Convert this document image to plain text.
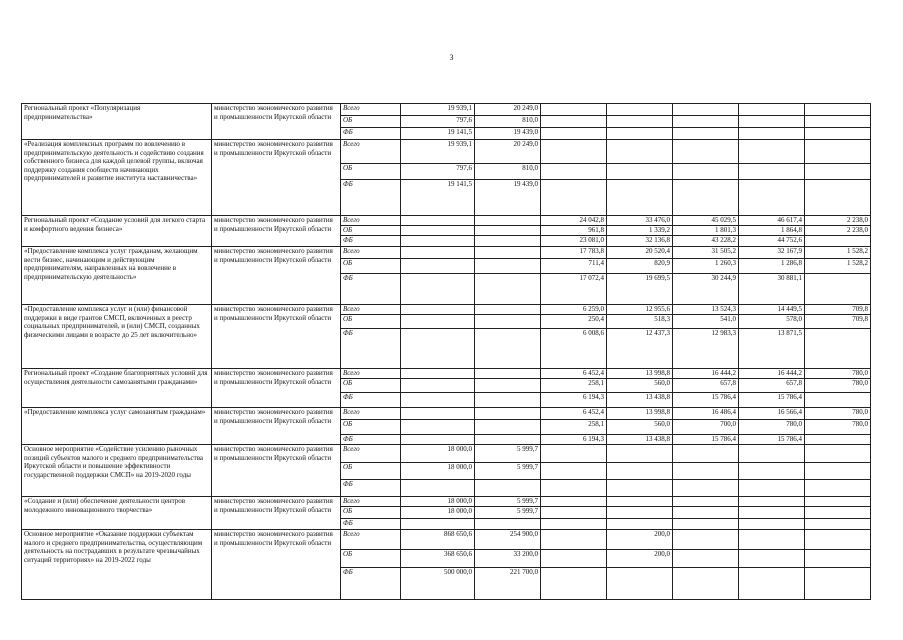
3
Региональный проект «Популяризация предпринимательства»	министерство экономического развития и промышленности Иркутской области	Всего	19 939,1	20 249,0					
		ОБ	797,6	810,0					
		ФБ	19 141,5	19 439,0					
«Реализация комплексных программ по вовлечению в предпринимательскую деятельность и содействию создания собственного бизнеса для каждой целевой группы, включая поддержку создания сообществ начинающих предпринимателей и развитие института наставничества»	министерство экономического развития и промышленности Иркутской области	Всего	19 939,1	20 249,0					
		ОБ	797,6	810,0					
		ФБ	19 141,5	19 439,0					
Региональный проект «Создание условий для легкого старта и комфортного ведения бизнеса»	министерство экономического развития и промышленности Иркутской области	Всего			24 042,8	33 476,0	45 029,5	46 617,4	2 238,0
		ОБ			961,8	1 339,2	1 801,3	1 864,8	2 238,0
		ФБ			23 081,0	32 136,8	43 228,2	44 752,6	
«Предоставление комплекса услуг гражданам, желающим вести бизнес, начинающим и действующим предпринимателям, направленных на вовлечение в предпринимательскую деятельность»	министерство экономического развития и промышленности Иркутской области	Всего			17 783,8	20 520,4	31 505,2	32 167,9	1 528,2
		ОБ			711,4	820,9	1 260,3	1 286,8	1 528,2
		ФБ			17 072,4	19 699,5	30 244,9	30 881,1	
«Предоставление комплекса услуг и (или) финансовой поддержки в виде грантов СМСП, включенных в реестр социальных предпринимателей, и (или) СМСП, созданных физическими лицами в возрасте до 25 лет включительно»	министерство экономического развития и промышленности Иркутской области	Всего			6 259,0	12 955,6	13 524,3	14 449,5	709,8
		ОБ			250,4	518,3	541,0	578,0	709,8
		ФБ			6 008,6	12 437,3	12 983,3	13 871,5	
Региональный проект «Создание благоприятных условий для осуществления деятельности самозанятыми гражданами»	министерство экономического развития и промышленности Иркутской области	Всего			6 452,4	13 998,8	16 444,2	16 444,2	780,0
		ОБ			258,1	560,0	657,8	657,8	780,0
		ФБ			6 194,3	13 438,8	15 786,4	15 786,4	
«Предоставление комплекса услуг самозанятым гражданам»	министерство экономического развития и промышленности Иркутской области	Всего			6 452,4	13 998,8	16 486,4	16 566,4	780,0
		ОБ			258,1	560,0	700,0	780,0	780,0
		ФБ			6 194,3	13 438,8	15 786,4	15 786,4	
Основное мероприятие «Содействие усилению рыночных позиций субъектов малого и среднего предпринимательства Иркутской области и повышение эффективности государственной поддержки СМСП» на 2019-2020 годы	министерство экономического развития и промышленности Иркутской области	Всего	18 000,0	5 999,7					
		ОБ	18 000,0	5 999,7					
		ФБ							
«Создание и (или) обеспечение деятельности центров молодежного инновационного творчества»	министерство экономического развития и промышленности Иркутской области	Всего	18 000,0	5 999,7					
		ОБ	18 000,0	5 999,7					
		ФБ							
Основное мероприятие «Оказание поддержки субъектам малого и среднего предпринимательства, осуществляющим деятельность на пострадавших в результате чрезвычайных ситуаций территориях» на 2019-2022 годы	министерство экономического развития и промышленности Иркутской области	Всего	868 650,6	254 900,0		200,0			
		ОБ	368 650,6	33 200,0		200,0			
		ФБ	500 000,0	221 700,0					
